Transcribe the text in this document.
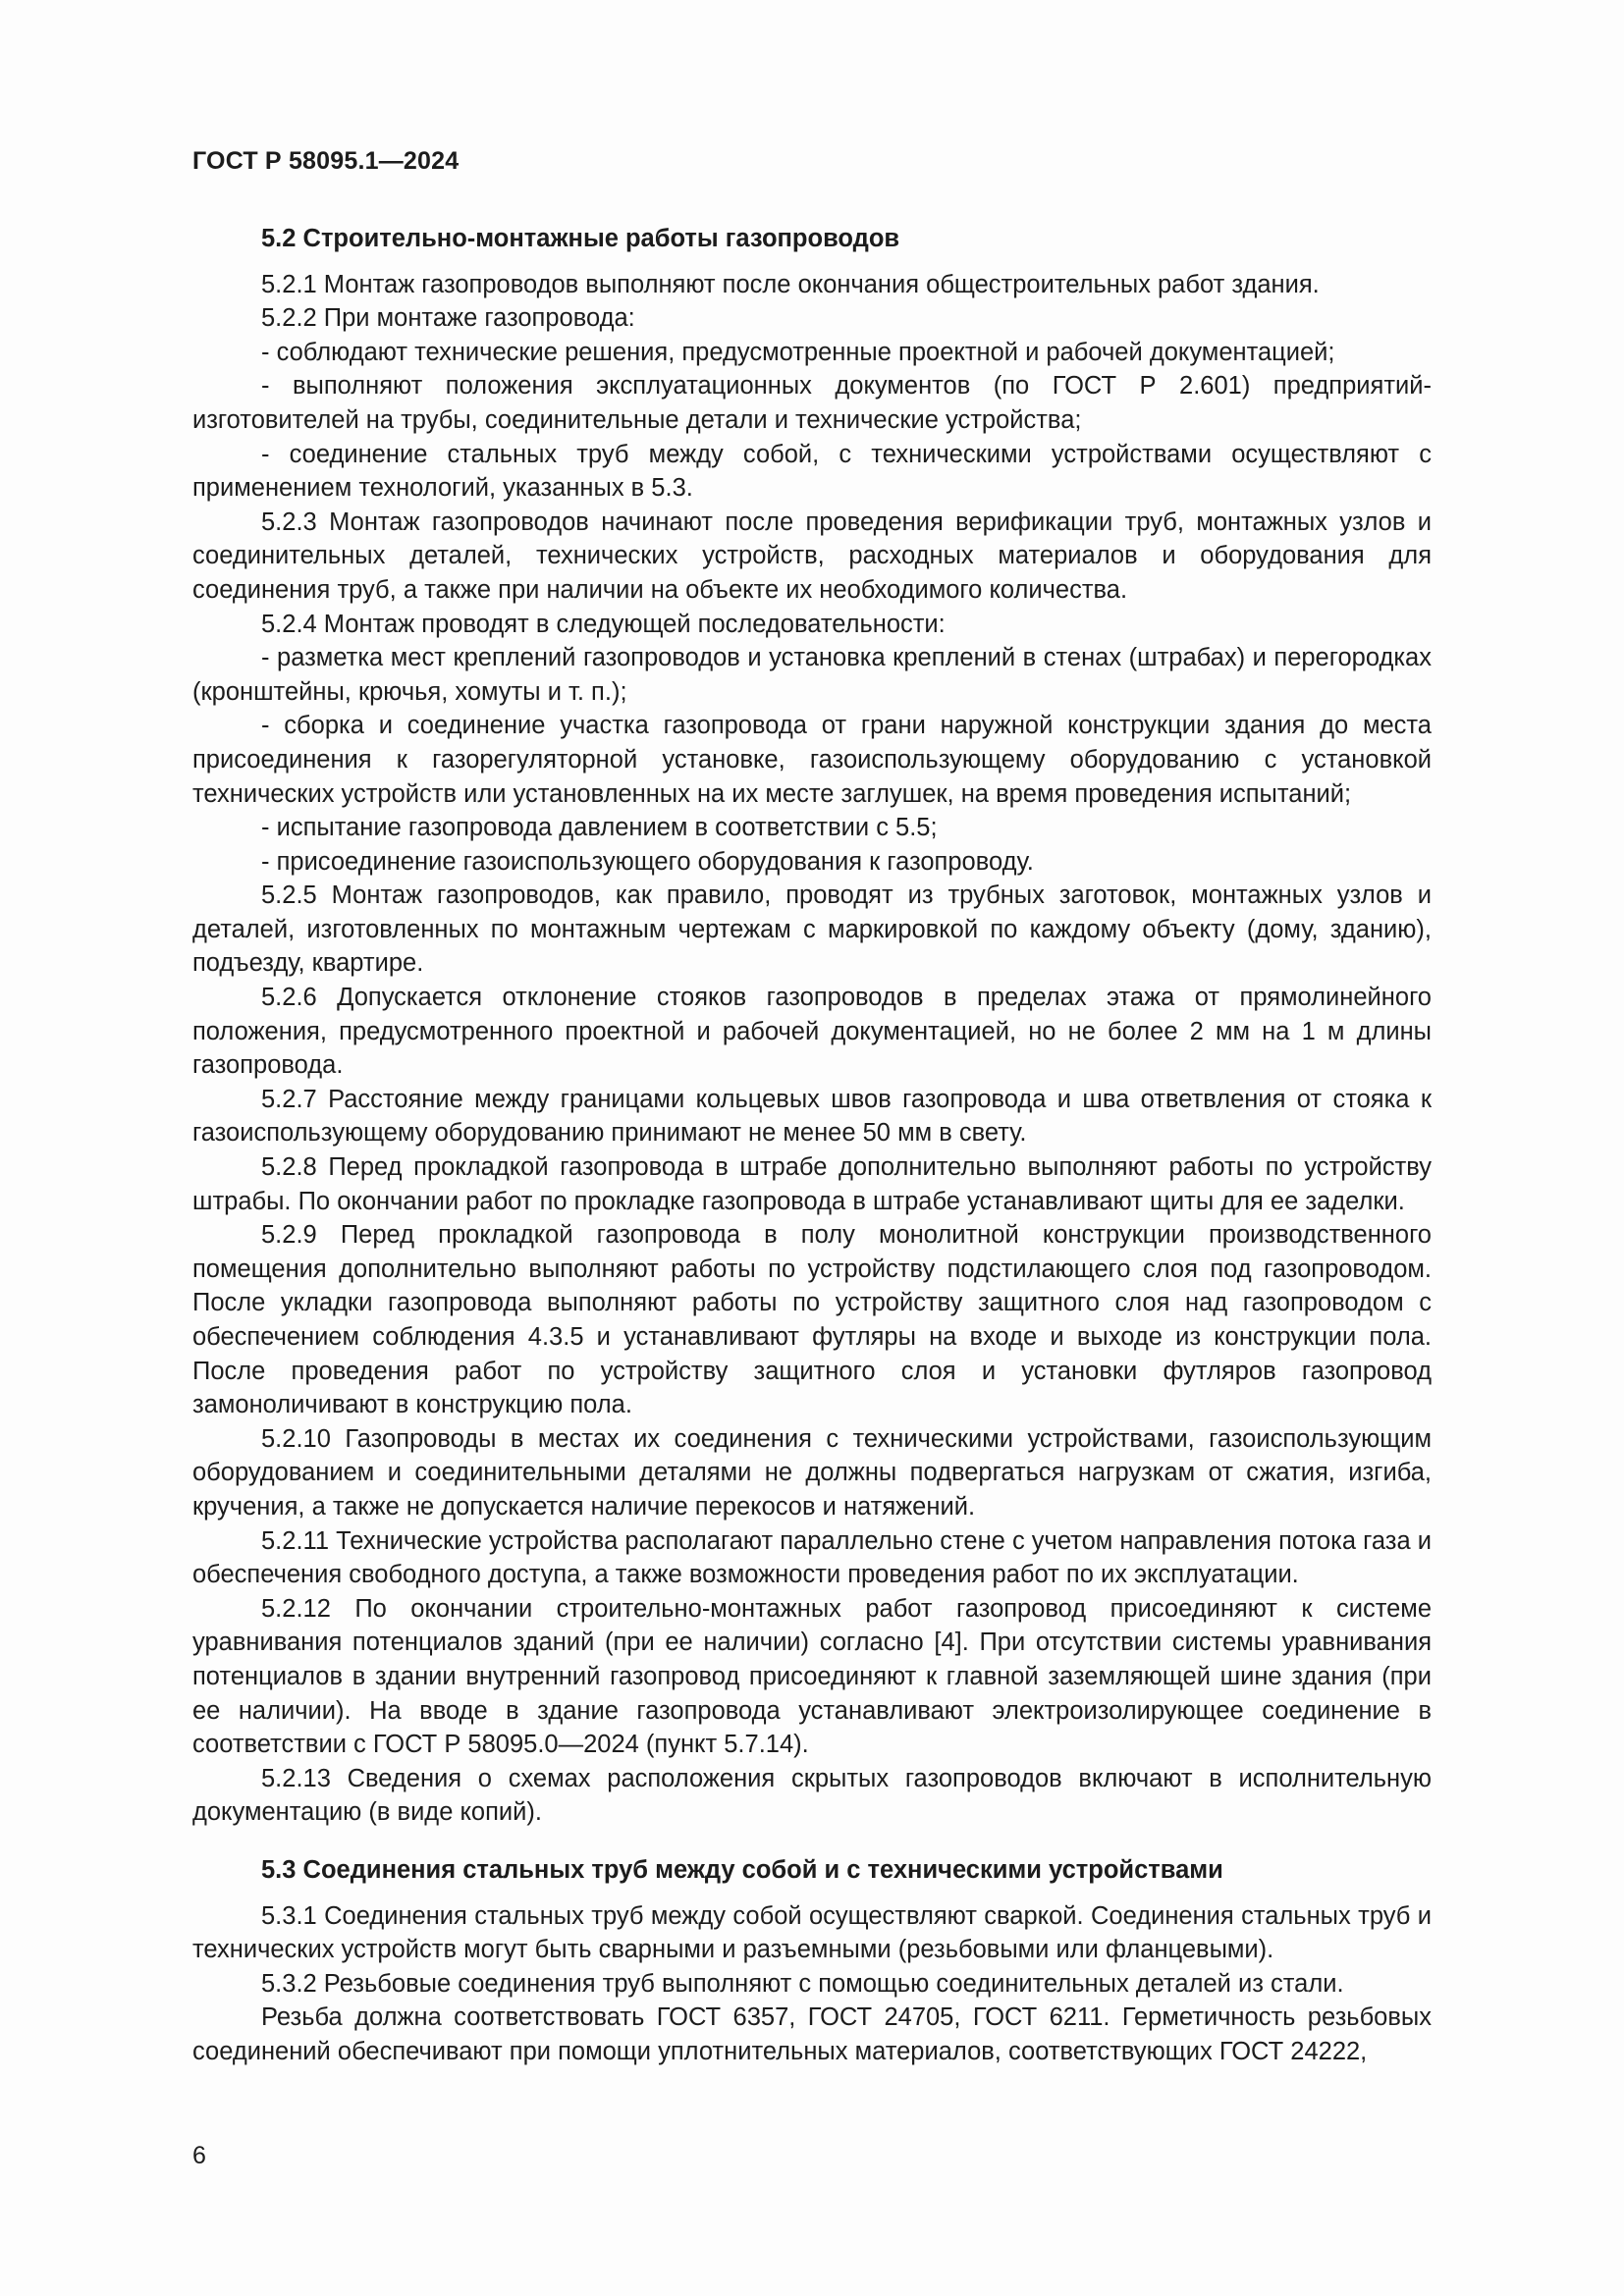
ГОСТ Р 58095.1—2024
5.2 Строительно-монтажные работы газопроводов

5.2.1 Монтаж газопроводов выполняют после окончания общестроительных работ здания.

5.2.2 При монтаже газопровода:

- соблюдают технические решения, предусмотренные проектной и рабочей документацией;

- выполняют положения эксплуатационных документов (по ГОСТ Р 2.601) предприятий-изготовителей на трубы, соединительные детали и технические устройства;

- соединение стальных труб между собой, с техническими устройствами осуществляют с применением технологий, указанных в 5.3.

5.2.3 Монтаж газопроводов начинают после проведения верификации труб, монтажных узлов и соединительных деталей, технических устройств, расходных материалов и оборудования для соединения труб, а также при наличии на объекте их необходимого количества.

5.2.4 Монтаж проводят в следующей последовательности:

- разметка мест креплений газопроводов и установка креплений в стенах (штрабах) и перегородках (кронштейны, крючья, хомуты и т. п.);

- сборка и соединение участка газопровода от грани наружной конструкции здания до места присоединения к газорегуляторной установке, газоиспользующему оборудованию с установкой технических устройств или установленных на их месте заглушек, на время проведения испытаний;

- испытание газопровода давлением в соответствии с 5.5;

- присоединение газоиспользующего оборудования к газопроводу.

5.2.5 Монтаж газопроводов, как правило, проводят из трубных заготовок, монтажных узлов и деталей, изготовленных по монтажным чертежам с маркировкой по каждому объекту (дому, зданию), подъезду, квартире.

5.2.6 Допускается отклонение стояков газопроводов в пределах этажа от прямолинейного положения, предусмотренного проектной и рабочей документацией, но не более 2 мм на 1 м длины газопровода.

5.2.7 Расстояние между границами кольцевых швов газопровода и шва ответвления от стояка к газоиспользующему оборудованию принимают не менее 50 мм в свету.

5.2.8 Перед прокладкой газопровода в штрабе дополнительно выполняют работы по устройству штрабы. По окончании работ по прокладке газопровода в штрабе устанавливают щиты для ее заделки.

5.2.9 Перед прокладкой газопровода в полу монолитной конструкции производственного помещения дополнительно выполняют работы по устройству подстилающего слоя под газопроводом. После укладки газопровода выполняют работы по устройству защитного слоя над газопроводом с обеспечением соблюдения 4.3.5 и устанавливают футляры на входе и выходе из конструкции пола. После проведения работ по устройству защитного слоя и установки футляров газопровод замоноличивают в конструкцию пола.

5.2.10 Газопроводы в местах их соединения с техническими устройствами, газоиспользующим оборудованием и соединительными деталями не должны подвергаться нагрузкам от сжатия, изгиба, кручения, а также не допускается наличие перекосов и натяжений.

5.2.11 Технические устройства располагают параллельно стене с учетом направления потока газа и обеспечения свободного доступа, а также возможности проведения работ по их эксплуатации.

5.2.12 По окончании строительно-монтажных работ газопровод присоединяют к системе уравнивания потенциалов зданий (при ее наличии) согласно [4]. При отсутствии системы уравнивания потенциалов в здании внутренний газопровод присоединяют к главной заземляющей шине здания (при ее наличии). На вводе в здание газопровода устанавливают электроизолирующее соединение в соответствии с ГОСТ Р 58095.0—2024 (пункт 5.7.14).

5.2.13 Сведения о схемах расположения скрытых газопроводов включают в исполнительную документацию (в виде копий).

5.3 Соединения стальных труб между собой и с техническими устройствами

5.3.1 Соединения стальных труб между собой осуществляют сваркой. Соединения стальных труб и технических устройств могут быть сварными и разъемными (резьбовыми или фланцевыми).

5.3.2 Резьбовые соединения труб выполняют с помощью соединительных деталей из стали.

Резьба должна соответствовать ГОСТ 6357, ГОСТ 24705, ГОСТ 6211. Герметичность резьбовых соединений обеспечивают при помощи уплотнительных материалов, соответствующих ГОСТ 24222,

6
